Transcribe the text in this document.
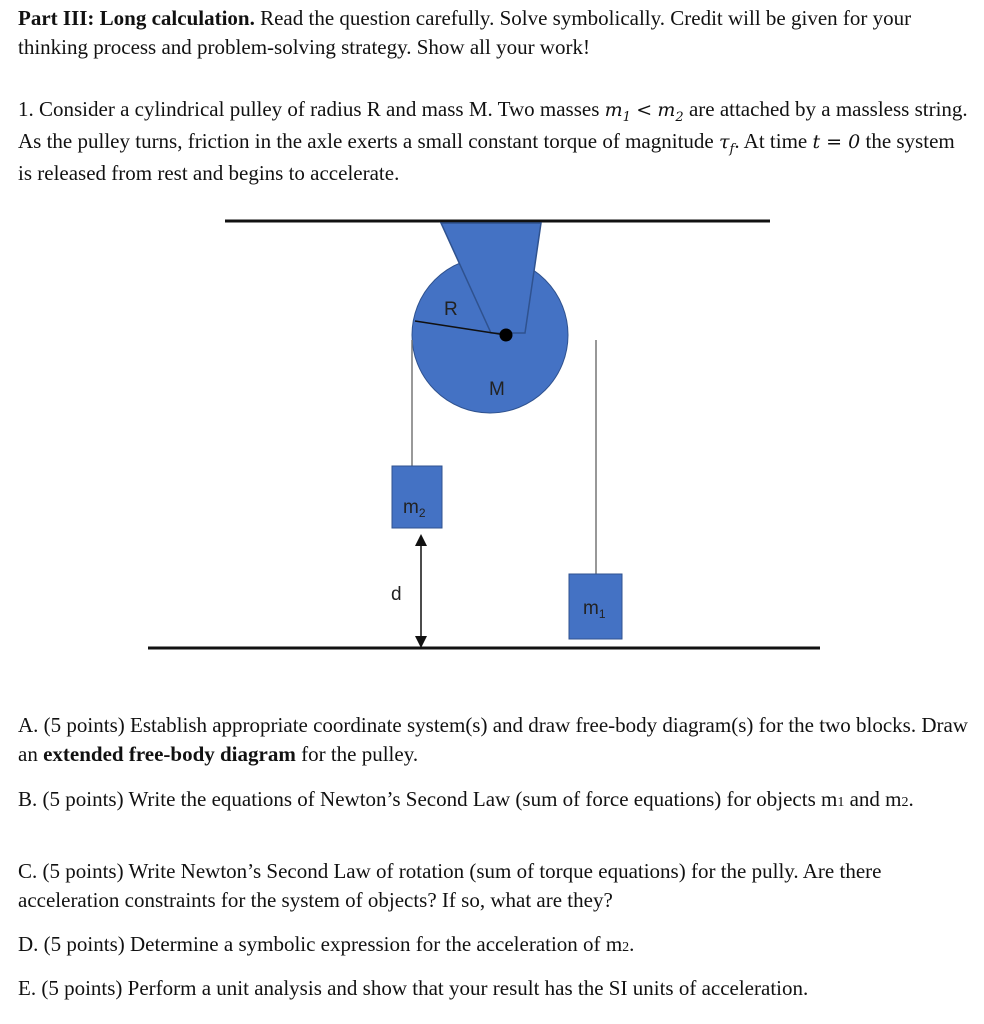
Part III: Long calculation. Read the question carefully. Solve symbolically. Credit will be given for your thinking process and problem-solving strategy. Show all your work!

1. Consider a cylindrical pulley of radius R and mass M. Two masses $m_1 < m_2$ are attached by a massless string. As the pulley turns, friction in the axle exerts a small constant torque of magnitude $\tau_f$. At time t = 0 the system is released from rest and begins to accelerate.

R
M
$m_2$
$m_1$
d

A. (5 points) Establish appropriate coordinate system(s) and draw free-body diagram(s) for the two blocks. Draw an extended free-body diagram for the pulley.

B. (5 points) Write the equations of Newton’s Second Law (sum of force equations) for objects m1 and m2.

C. (5 points) Write Newton’s Second Law of rotation (sum of torque equations) for the pully. Are there acceleration constraints for the system of objects? If so, what are they?

D. (5 points) Determine a symbolic expression for the acceleration of m2.

E. (5 points) Perform a unit analysis and show that your result has the SI units of acceleration.
